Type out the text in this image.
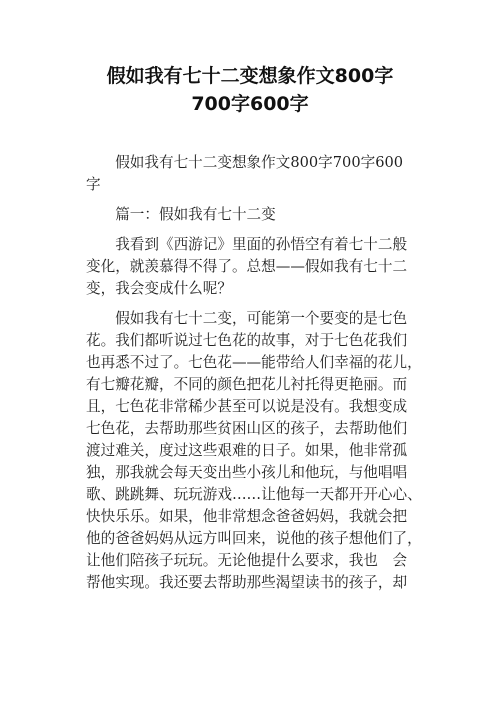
假如我有七十二变想象作文800字
700字600字
　　假如我有七十二变想象作文800字700字600
字
　　篇一：假如我有七十二变
　　我看到《西游记》里面的孙悟空有着七十二般
变化，就羡慕得不得了。总想——假如我有七十二
变，我会变成什么呢？
　　假如我有七十二变，可能第一个要变的是七色
花。我们都听说过七色花的故事，对于七色花我们
也再悉不过了。七色花——能带给人们幸福的花儿，
有七瓣花瓣，不同的颜色把花儿衬托得更艳丽。而
且，七色花非常稀少甚至可以说是没有。我想变成
七色花，去帮助那些贫困山区的孩子，去帮助他们
渡过难关，度过这些艰难的日子。如果，他非常孤
独，那我就会每天变出些小孩儿和他玩，与他唱唱
歌、跳跳舞、玩玩游戏……让他每一天都开开心心、
快快乐乐。如果，他非常想念爸爸妈妈，我就会把
他的爸爸妈妈从远方叫回来，说他的孩子想他们了，
让他们陪孩子玩玩。无论他提什么要求，我也　会
帮他实现。我还要去帮助那些渴望读书的孩子，却
